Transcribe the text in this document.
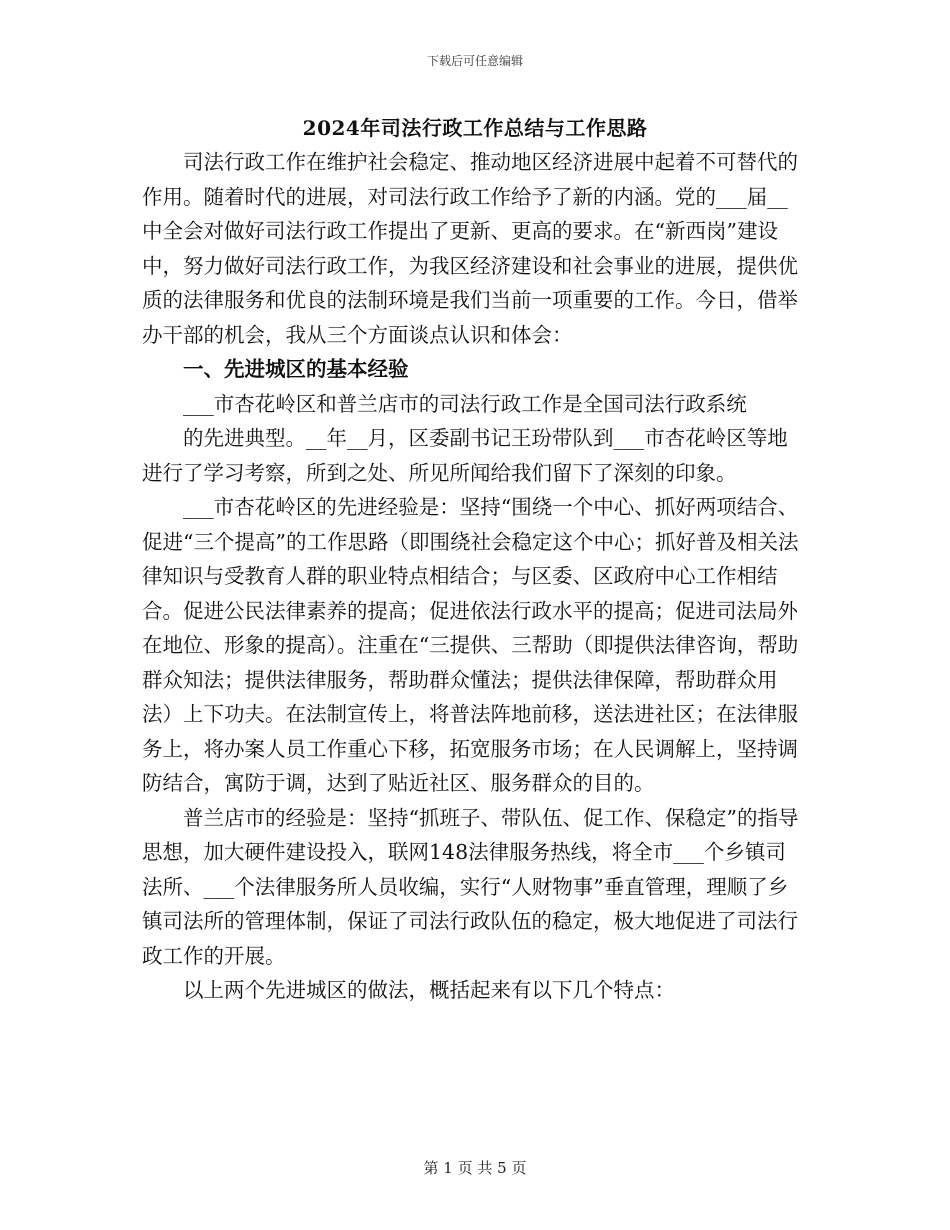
下载后可任意编辑
2024年司法行政工作总结与工作思路

司法行政工作在维护社会稳定、推动地区经济进展中起着不可替代的作用。随着时代的进展，对司法行政工作给予了新的内涵。党的___届__中全会对做好司法行政工作提出了更新、更高的要求。在“新西岗”建设中，努力做好司法行政工作，为我区经济建设和社会事业的进展，提供优质的法律服务和优良的法制环境是我们当前一项重要的工作。今日，借举办干部的机会，我从三个方面谈点认识和体会：

一、先进城区的基本经验

___市杏花岭区和普兰店市的司法行政工作是全国司法行政系统

的先进典型。__年__月，区委副书记王玢带队到___市杏花岭区等地进行了学习考察，所到之处、所见所闻给我们留下了深刻的印象。

___市杏花岭区的先进经验是：坚持“围绕一个中心、抓好两项结合、促进“三个提高”的工作思路（即围绕社会稳定这个中心；抓好普及相关法律知识与受教育人群的职业特点相结合；与区委、区政府中心工作相结合。促进公民法律素养的提高；促进依法行政水平的提高；促进司法局外在地位、形象的提高）。注重在“三提供、三帮助（即提供法律咨询，帮助群众知法；提供法律服务，帮助群众懂法；提供法律保障，帮助群众用法）上下功夫。在法制宣传上，将普法阵地前移，送法进社区；在法律服务上，将办案人员工作重心下移，拓宽服务市场；在人民调解上，坚持调防结合，寓防于调，达到了贴近社区、服务群众的目的。

普兰店市的经验是：坚持“抓班子、带队伍、促工作、保稳定”的指导思想，加大硬件建设投入，联网148法律服务热线，将全市___个乡镇司法所、___个法律服务所人员收编，实行“人财物事”垂直管理，理顺了乡镇司法所的管理体制，保证了司法行政队伍的稳定，极大地促进了司法行政工作的开展。

以上两个先进城区的做法，概括起来有以下几个特点：

第 1 页 共 5 页
